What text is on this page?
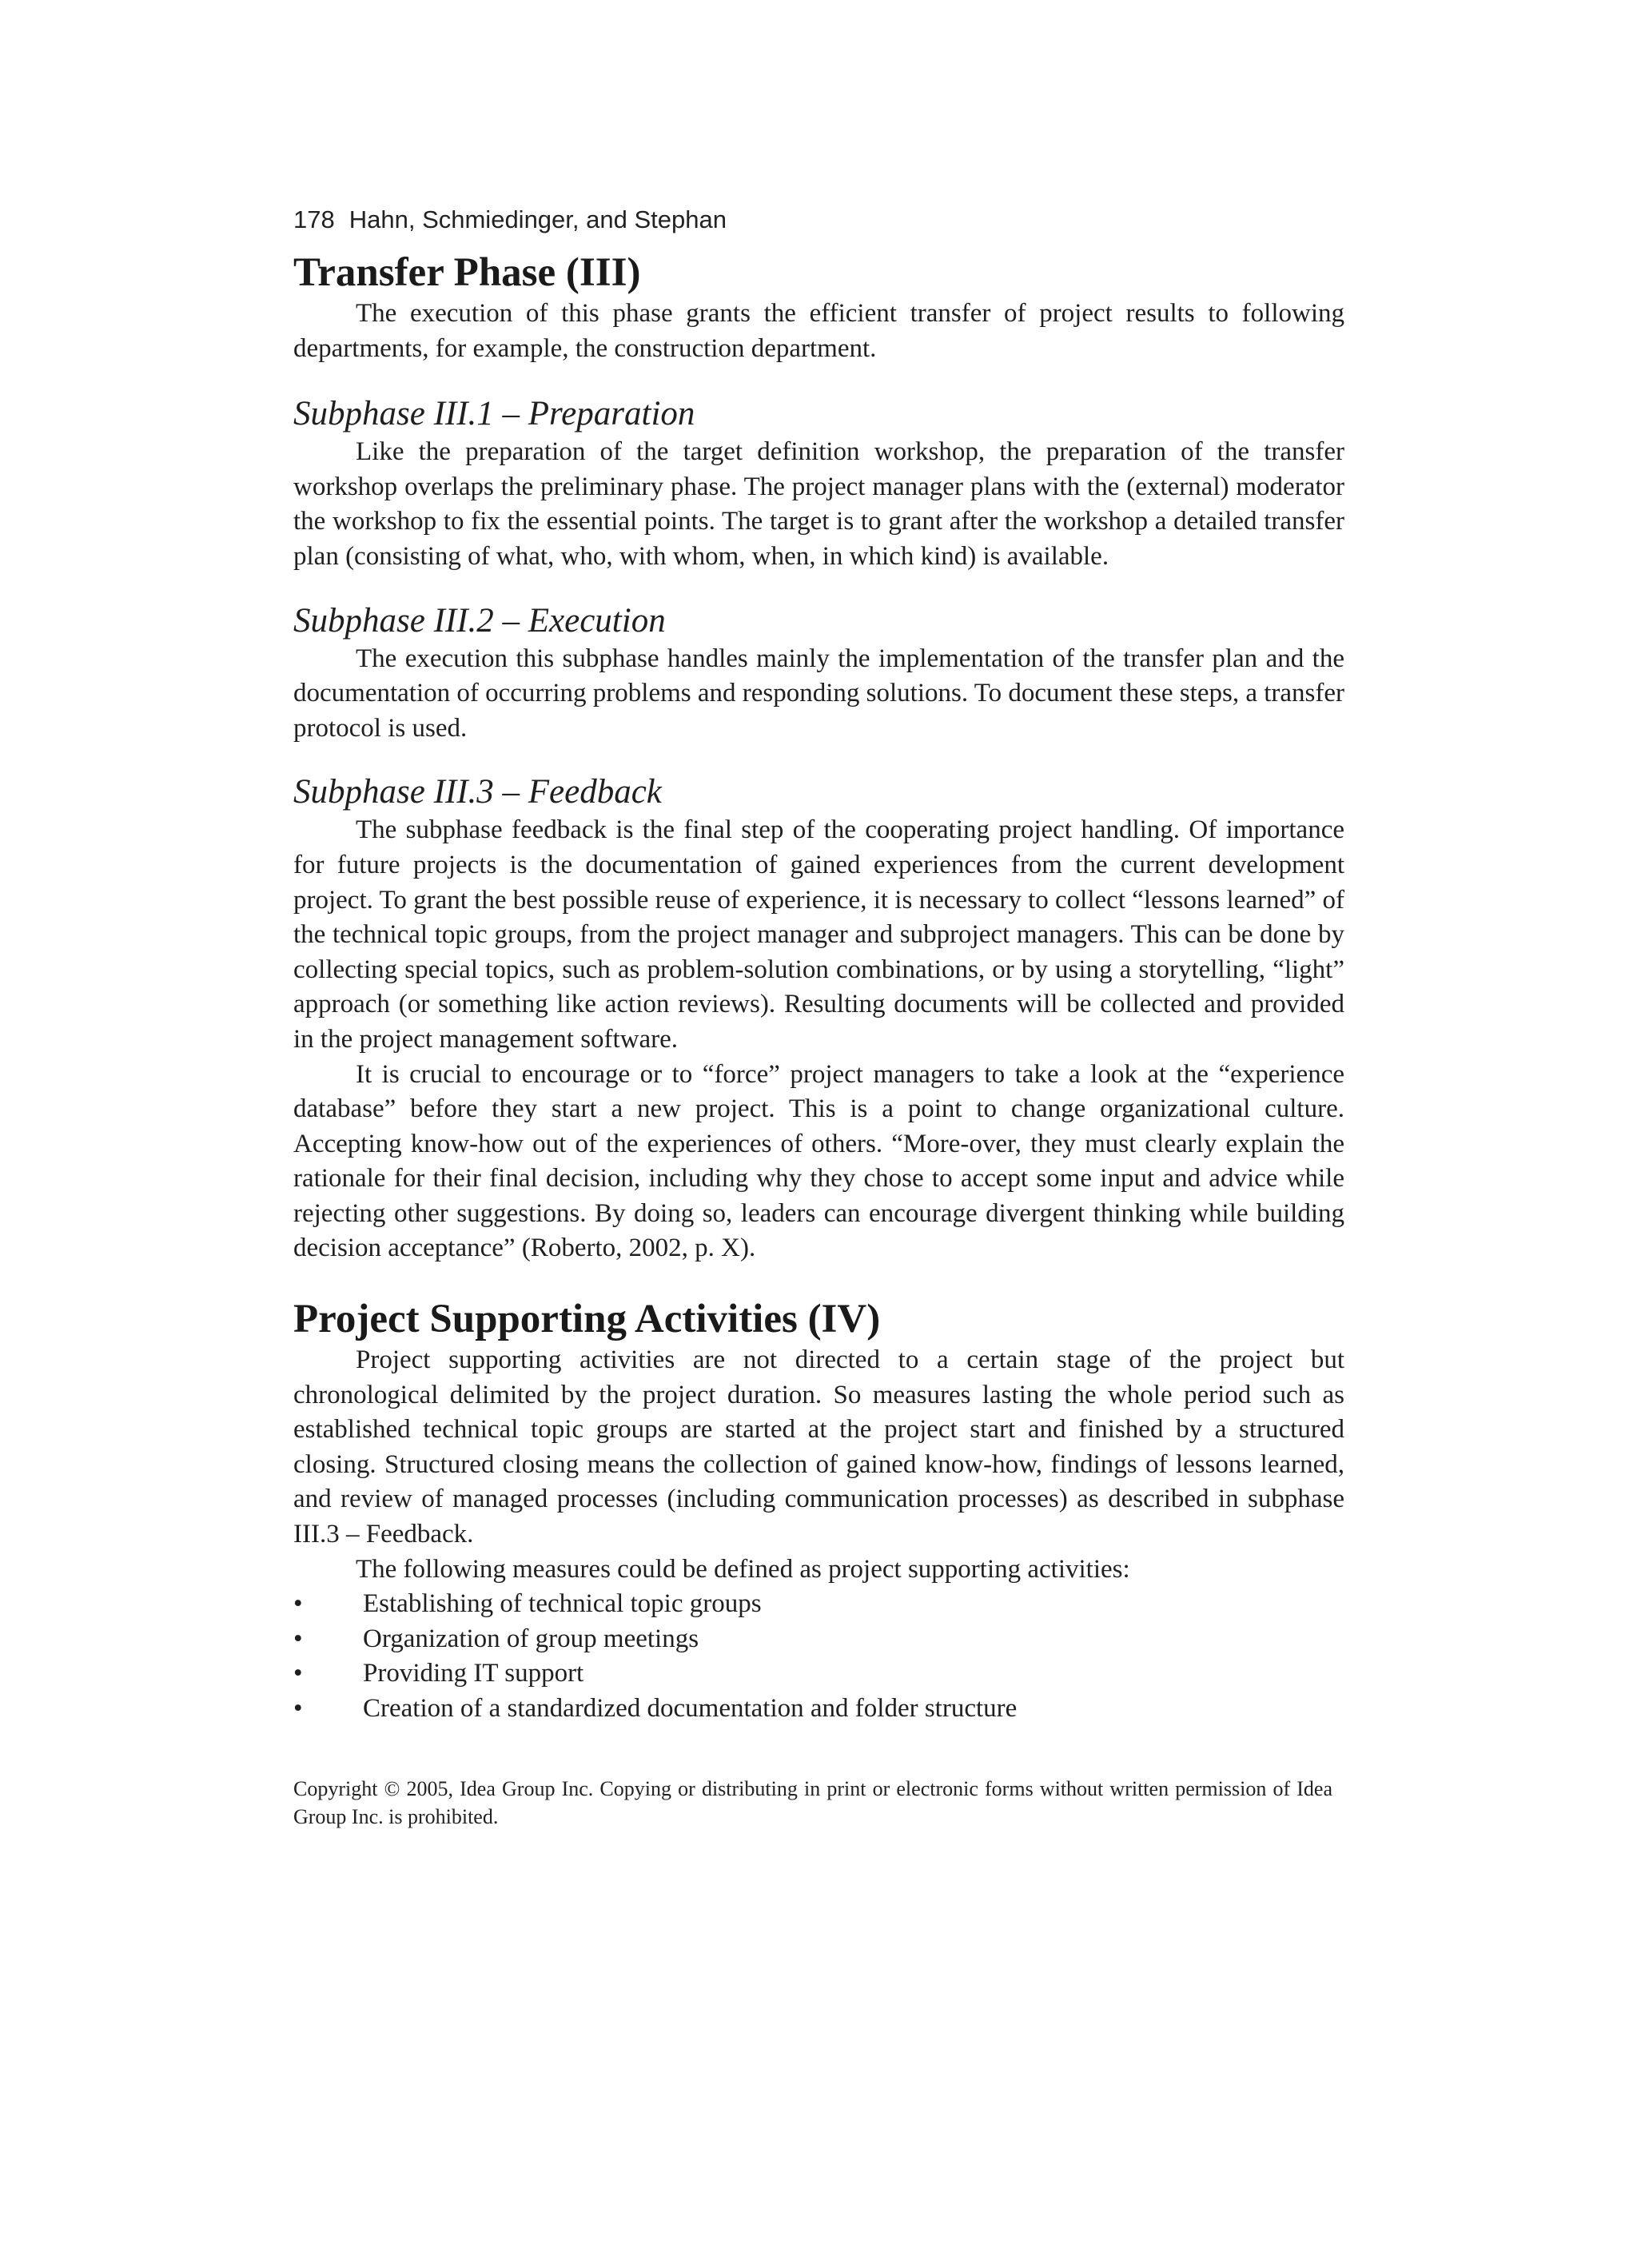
178 Hahn, Schmiedinger, and Stephan

Transfer Phase (III)

The execution of this phase grants the efficient transfer of project results to following departments, for example, the construction department.

Subphase III.1 – Preparation

Like the preparation of the target definition workshop, the preparation of the transfer workshop overlaps the preliminary phase. The project manager plans with the (external) moderator the workshop to fix the essential points. The target is to grant after the workshop a detailed transfer plan (consisting of what, who, with whom, when, in which kind) is available.

Subphase III.2 – Execution

The execution this subphase handles mainly the implementation of the transfer plan and the documentation of occurring problems and responding solutions. To document these steps, a transfer protocol is used.

Subphase III.3 – Feedback

The subphase feedback is the final step of the cooperating project handling. Of importance for future projects is the documentation of gained experiences from the current development project. To grant the best possible reuse of experience, it is necessary to collect “lessons learned” of the technical topic groups, from the project manager and subproject managers. This can be done by collecting special topics, such as problem-solution combinations, or by using a storytelling, “light” approach (or something like action reviews). Resulting documents will be collected and provided in the project management software.

It is crucial to encourage or to “force” project managers to take a look at the “experience database” before they start a new project. This is a point to change organizational culture. Accepting know-how out of the experiences of others. “More-over, they must clearly explain the rationale for their final decision, including why they chose to accept some input and advice while rejecting other suggestions. By doing so, leaders can encourage divergent thinking while building decision acceptance” (Roberto, 2002, p. X).

Project Supporting Activities (IV)

Project supporting activities are not directed to a certain stage of the project but chronological delimited by the project duration. So measures lasting the whole period such as established technical topic groups are started at the project start and finished by a structured closing. Structured closing means the collection of gained know-how, findings of lessons learned, and review of managed processes (including communication processes) as described in subphase III.3 – Feedback.

The following measures could be defined as project supporting activities:

• Establishing of technical topic groups
• Organization of group meetings
• Providing IT support
• Creation of a standardized documentation and folder structure

Copyright © 2005, Idea Group Inc. Copying or distributing in print or electronic forms without written permission of Idea Group Inc. is prohibited.
